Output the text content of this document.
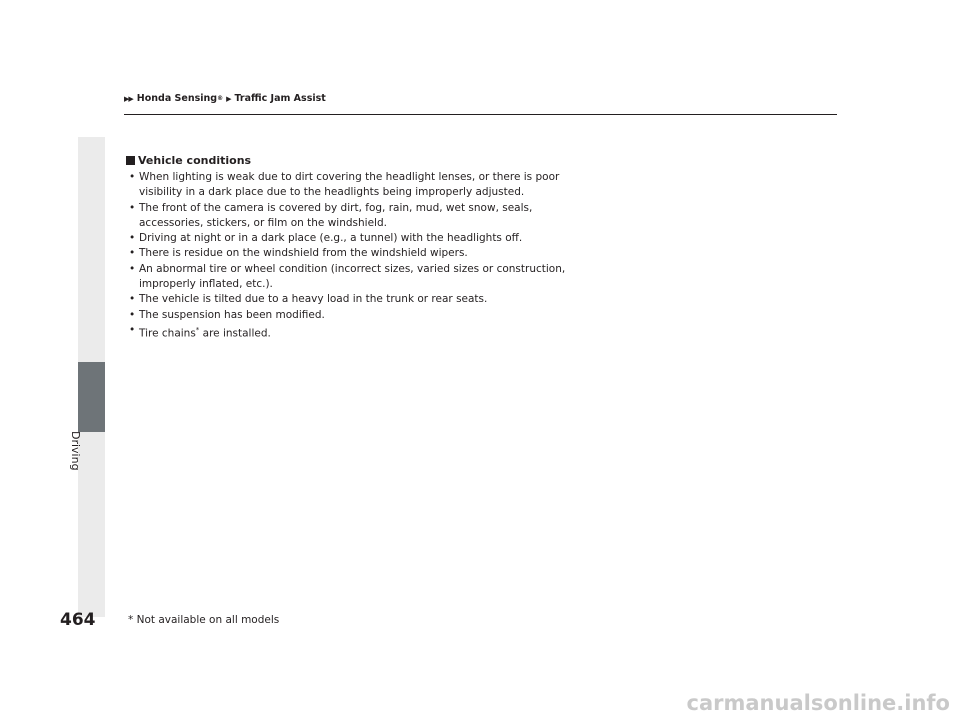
Driving
▶▶ Honda Sensing ® ▶ Traffic Jam Assist
Vehicle conditions
• When lighting is weak due to dirt covering the headlight lenses, or there is poor visibility in a dark place due to the headlights being improperly adjusted.
• The front of the camera is covered by dirt, fog, rain, mud, wet snow, seals, accessories, stickers, or film on the windshield.
• Driving at night or in a dark place (e.g., a tunnel) with the headlights off.
• There is residue on the windshield from the windshield wipers.
• An abnormal tire or wheel condition (incorrect sizes, varied sizes or construction, improperly inflated, etc.).
• The vehicle is tilted due to a heavy load in the trunk or rear seats.
• The suspension has been modified.
• Tire chains* are installed.
464	* Not available on all models
carmanualsonline.info
